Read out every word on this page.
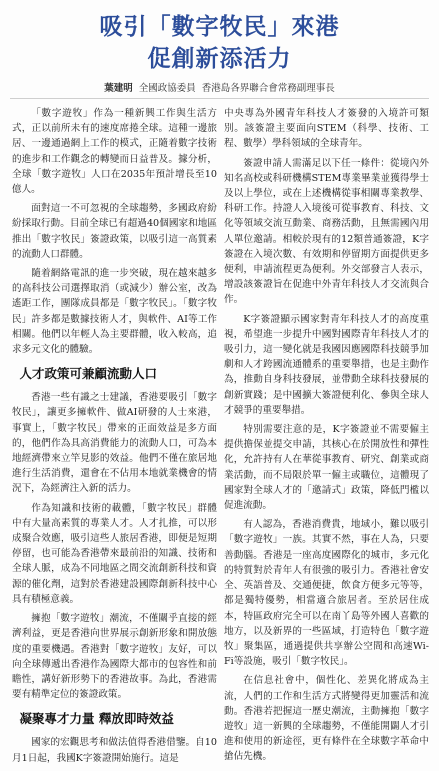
吸引「數字牧民」來港
促創新添活力
葉建明 全國政協委員 香港島各界聯合會常務副理事長

「數字遊牧」作為一種新興工作與生活方式，正以前所未有的速度席捲全球。這種一邊旅居、一邊通過網上工作的模式，正隨着數字技術的進步和工作觀念的轉變而日益普及。據分析，全球「數字遊牧」人口在2035年預計增長至10億人。

面對這一不可忽視的全球趨勢，多國政府紛紛採取行動。目前全球已有超過40個國家和地區推出「數字牧民」簽證政策，以吸引這一高質素的流動人口群體。

隨着網絡電訊的進一步突破，現在越來越多的高科技公司選擇取消（或減少）辦公室，改為遙距工作，團隊成員都是「數字牧民」。「數字牧民」許多都是數據技術人才，與軟件、AI等工作相關。他們以年輕人為主要群體，收入較高，追求多元文化的體驗。

人才政策可兼顧流動人口

香港一些有識之士建議，香港要吸引「數字牧民」，讓更多擁軟件、做AI研發的人士來港，事實上，「數字牧民」帶來的正面效益是多方面的，他們作為具高消費能力的流動人口，可為本地經濟帶來立竿見影的效益。他們不僅在旅居地進行生活消費，還會在不佔用本地就業機會的情況下，為經濟注入新的活力。

作為知識和技術的載體，「數字牧民」群體中有大量高素質的專業人才。人才扎推，可以形成聚合效應，吸引這些人旅居香港，即便是短期停留，也可能為香港帶來最前沿的知識、技術和全球人脈，成為不同地區之間交流創新科技和資源的催化劑，這對於香港建設國際創新科技中心具有積極意義。

擁抱「數字遊牧」潮流，不僅關乎直接的經濟利益，更是香港向世界展示創新形象和開放態度的重要機遇。香港對「數字遊牧」友好，可以向全球傳遞出香港作為國際大都市的包容性和前瞻性，講好新形勢下的香港故事。為此，香港需要有精準定位的簽證政策。

凝聚專才力量 釋放即時效益

國家的宏觀思考和做法值得香港借鑒。自10月1日起，我國K字簽證開始施行。這是

中央專為外國青年科技人才簽發的入境許可類別。該簽證主要面向STEM（科學、技術、工程、數學）學科領域的全球青年。

簽證申請人需滿足以下任一條件：從境內外知名高校或科研機構STEM專業畢業並獲得學士及以上學位，或在上述機構從事相關專業教學、科研工作。持證人入境後可從事教育、科技、文化等領域交流互動業、商務活動，且無需國內用人單位邀請。相較於現有的12類普通簽證，K字簽證在入境次數、有效期和停留期方面提供更多便利，申請流程更為便利。外交部發言人表示，增設該簽證旨在促進中外青年科技人才交流與合作。

K字簽證顯示國家對青年科技人才的高度重視，希望進一步提升中國對國際青年科技人才的吸引力，這一變化就是我國因應國際科技競爭加劇和人才跨國流通體系的重要舉措，也是主動作為，推動自身科技發展，並帶動全球科技發展的創新實踐；是中國擴大簽證便利化、參與全球人才競爭的重要舉措。

特別需要注意的是，K字簽證並不需要僱主提供擔保並提交申請，其核心在於開放性和彈性化，允許持有人在華從事教育、研究、創業或商業活動，而不局限於單一僱主或職位，這體現了國家對全球人才的「邀請式」政策，降低門檻以促進流動。

有人認為，香港消費貴，地域小，難以吸引「數字遊牧」一族。其實不然，事在人為，只要善動腦。香港是一座高度國際化的城市，多元化的特質對於青年人有很強的吸引力。香港社會安全、英語普及、交通便捷，飲食方便多元等等，都是獨特優勢，相當適合旅居者。至於居住成本，特區政府完全可以在南丫島等外國人喜歡的地方，以及新界的一些區域，打造特色「數字遊牧」聚集區，通過提供共享辦公空間和高速Wi-Fi等設施，吸引「數字牧民」。

在信息社會中，個性化、差異化將成為主流，人們的工作和生活方式將變得更加靈活和流動。香港若把握這一歷史潮流，主動擁抱「數字遊牧」這一新興的全球趨勢，不僅能開闢人才引進和使用的新途徑，更有條件在全球數字革命中搶佔先機。
